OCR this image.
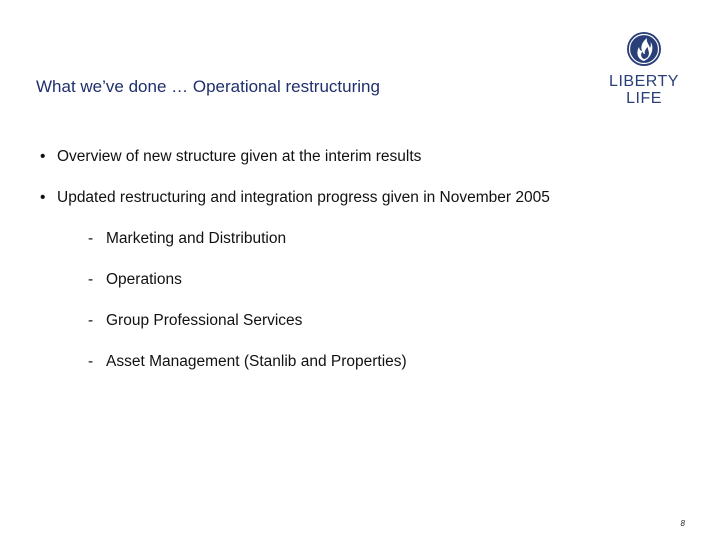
What we’ve done … Operational restructuring	LIBERTY
LIFE
• Overview of new structure given at the interim results
• Updated restructuring and integration progress given in November 2005
- Marketing and Distribution
- Operations
- Group Professional Services
- Asset Management (Stanlib and Properties)
8
